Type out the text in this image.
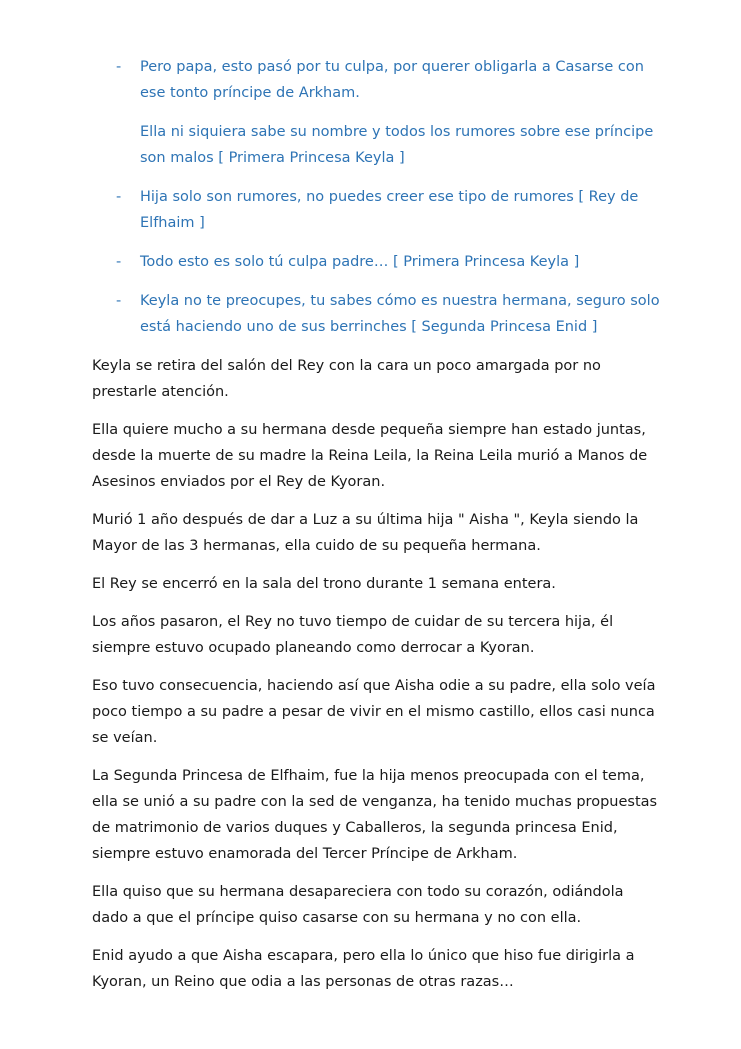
- Pero papa, esto pasó por tu culpa, por querer obligarla a Casarse con ese tonto príncipe de Arkham.

Ella ni siquiera sabe su nombre y todos los rumores sobre ese príncipe son malos [ Primera Princesa Keyla ]

- Hija solo son rumores, no puedes creer ese tipo de rumores [ Rey de Elfhaim ]

- Todo esto es solo tú culpa padre… [ Primera Princesa Keyla ]

- Keyla no te preocupes, tu sabes cómo es nuestra hermana, seguro solo está haciendo uno de sus berrinches [ Segunda Princesa Enid ]

Keyla se retira del salón del Rey con la cara un poco amargada por no prestarle atención.

Ella quiere mucho a su hermana desde pequeña siempre han estado juntas, desde la muerte de su madre la Reina Leila, la Reina Leila murió a Manos de Asesinos enviados por el Rey de Kyoran.

Murió 1 año después de dar a Luz a su última hija " Aisha ", Keyla siendo la Mayor de las 3 hermanas, ella cuido de su pequeña hermana.

El Rey se encerró en la sala del trono durante 1 semana entera.

Los años pasaron, el Rey no tuvo tiempo de cuidar de su tercera hija, él siempre estuvo ocupado planeando como derrocar a Kyoran.

Eso tuvo consecuencia, haciendo así que Aisha odie a su padre, ella solo veía poco tiempo a su padre a pesar de vivir en el mismo castillo, ellos casi nunca se veían.

La Segunda Princesa de Elfhaim, fue la hija menos preocupada con el tema, ella se unió a su padre con la sed de venganza, ha tenido muchas propuestas de matrimonio de varios duques y Caballeros, la segunda princesa Enid, siempre estuvo enamorada del Tercer Príncipe de Arkham.

Ella quiso que su hermana desapareciera con todo su corazón, odiándola dado a que el príncipe quiso casarse con su hermana y no con ella.

Enid ayudo a que Aisha escapara, pero ella lo único que hiso fue dirigirla a Kyoran, un Reino que odia a las personas de otras razas…
